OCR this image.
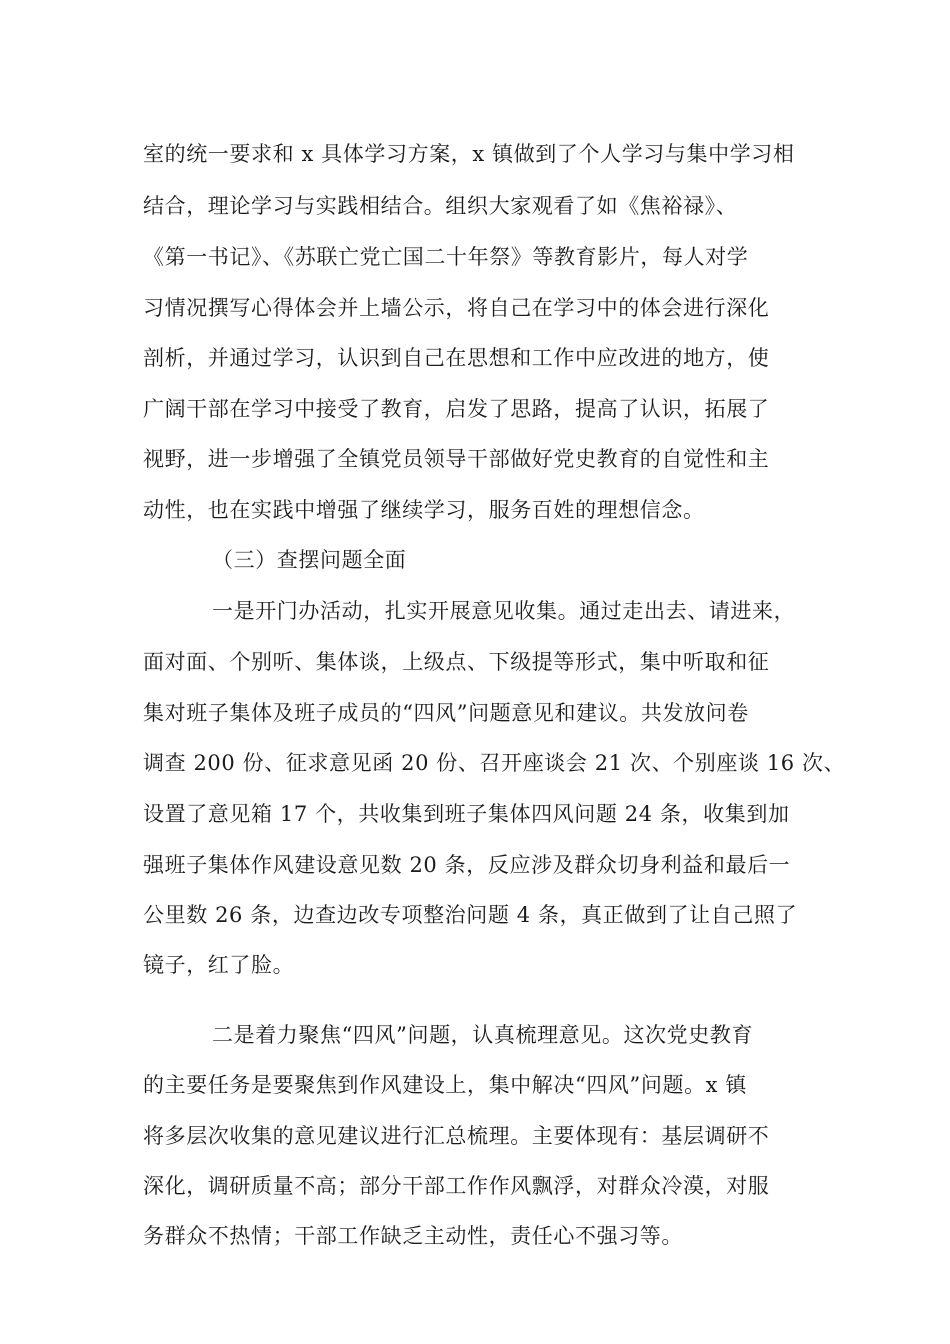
室的统一要求和 x 具体学习方案，x 镇做到了个人学习与集中学习相
结合，理论学习与实践相结合。组织大家观看了如《焦裕禄》、
《第一书记》、《苏联亡党亡国二十年祭》等教育影片，每人对学
习情况撰写心得体会并上墙公示，将自己在学习中的体会进行深化
剖析，并通过学习，认识到自己在思想和工作中应改进的地方，使
广阔干部在学习中接受了教育，启发了思路，提高了认识，拓展了
视野，进一步增强了全镇党员领导干部做好党史教育的自觉性和主
动性，也在实践中增强了继续学习，服务百姓的理想信念。
（三）查摆问题全面
一是开门办活动，扎实开展意见收集。通过走出去、请进来，
面对面、个别听、集体谈，上级点、下级提等形式，集中听取和征
集对班子集体及班子成员的“四风”问题意见和建议。共发放问卷
调查 200 份、征求意见函 20 份、召开座谈会 21 次、个别座谈 16 次、
设置了意见箱 17 个，共收集到班子集体四风问题 24 条，收集到加
强班子集体作风建设意见数 20 条，反应涉及群众切身利益和最后一
公里数 26 条，边查边改专项整治问题 4 条，真正做到了让自己照了
镜子，红了脸。
二是着力聚焦“四风”问题，认真梳理意见。这次党史教育
的主要任务是要聚焦到作风建设上，集中解决“四风”问题。x 镇
将多层次收集的意见建议进行汇总梳理。主要体现有：基层调研不
深化，调研质量不高；部分干部工作作风飘浮，对群众冷漠，对服
务群众不热情；干部工作缺乏主动性，责任心不强习等。
